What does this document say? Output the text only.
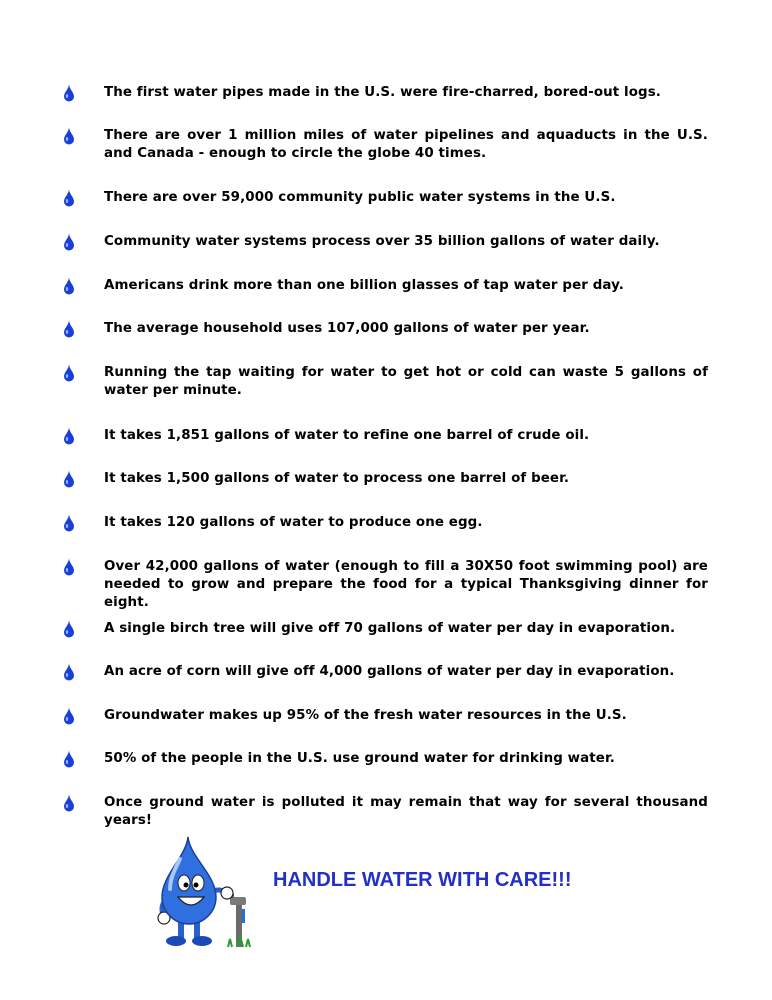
The first water pipes made in the U.S. were fire-charred, bored-out logs.
There are over 1 million miles of water pipelines and aquaducts in the U.S. and Canada - enough to circle the globe 40 times.
There are over 59,000 community public water systems in the U.S.
Community water systems process over 35 billion gallons of water daily.
Americans drink more than one billion glasses of tap water per day.
The average household uses 107,000 gallons of water per year.
Running the tap waiting for water to get hot or cold can waste 5 gallons of water per minute.
It takes 1,851 gallons of water to refine one barrel of crude oil.
It takes 1,500 gallons of water to process one barrel of beer.
It takes 120 gallons of water to produce one egg.
Over 42,000 gallons of water (enough to fill a 30X50 foot swimming pool) are needed to grow and prepare the food for a typical Thanksgiving dinner for eight.
A single birch tree will give off 70 gallons of water per day in evaporation.
An acre of corn will give off 4,000 gallons of water per day in evaporation.
Groundwater makes up 95% of the fresh water resources in the U.S.
50% of the people in the U.S. use ground water for drinking water.
Once ground water is polluted it may remain that way for several thousand years!
HANDLE WATER WITH CARE!!!
